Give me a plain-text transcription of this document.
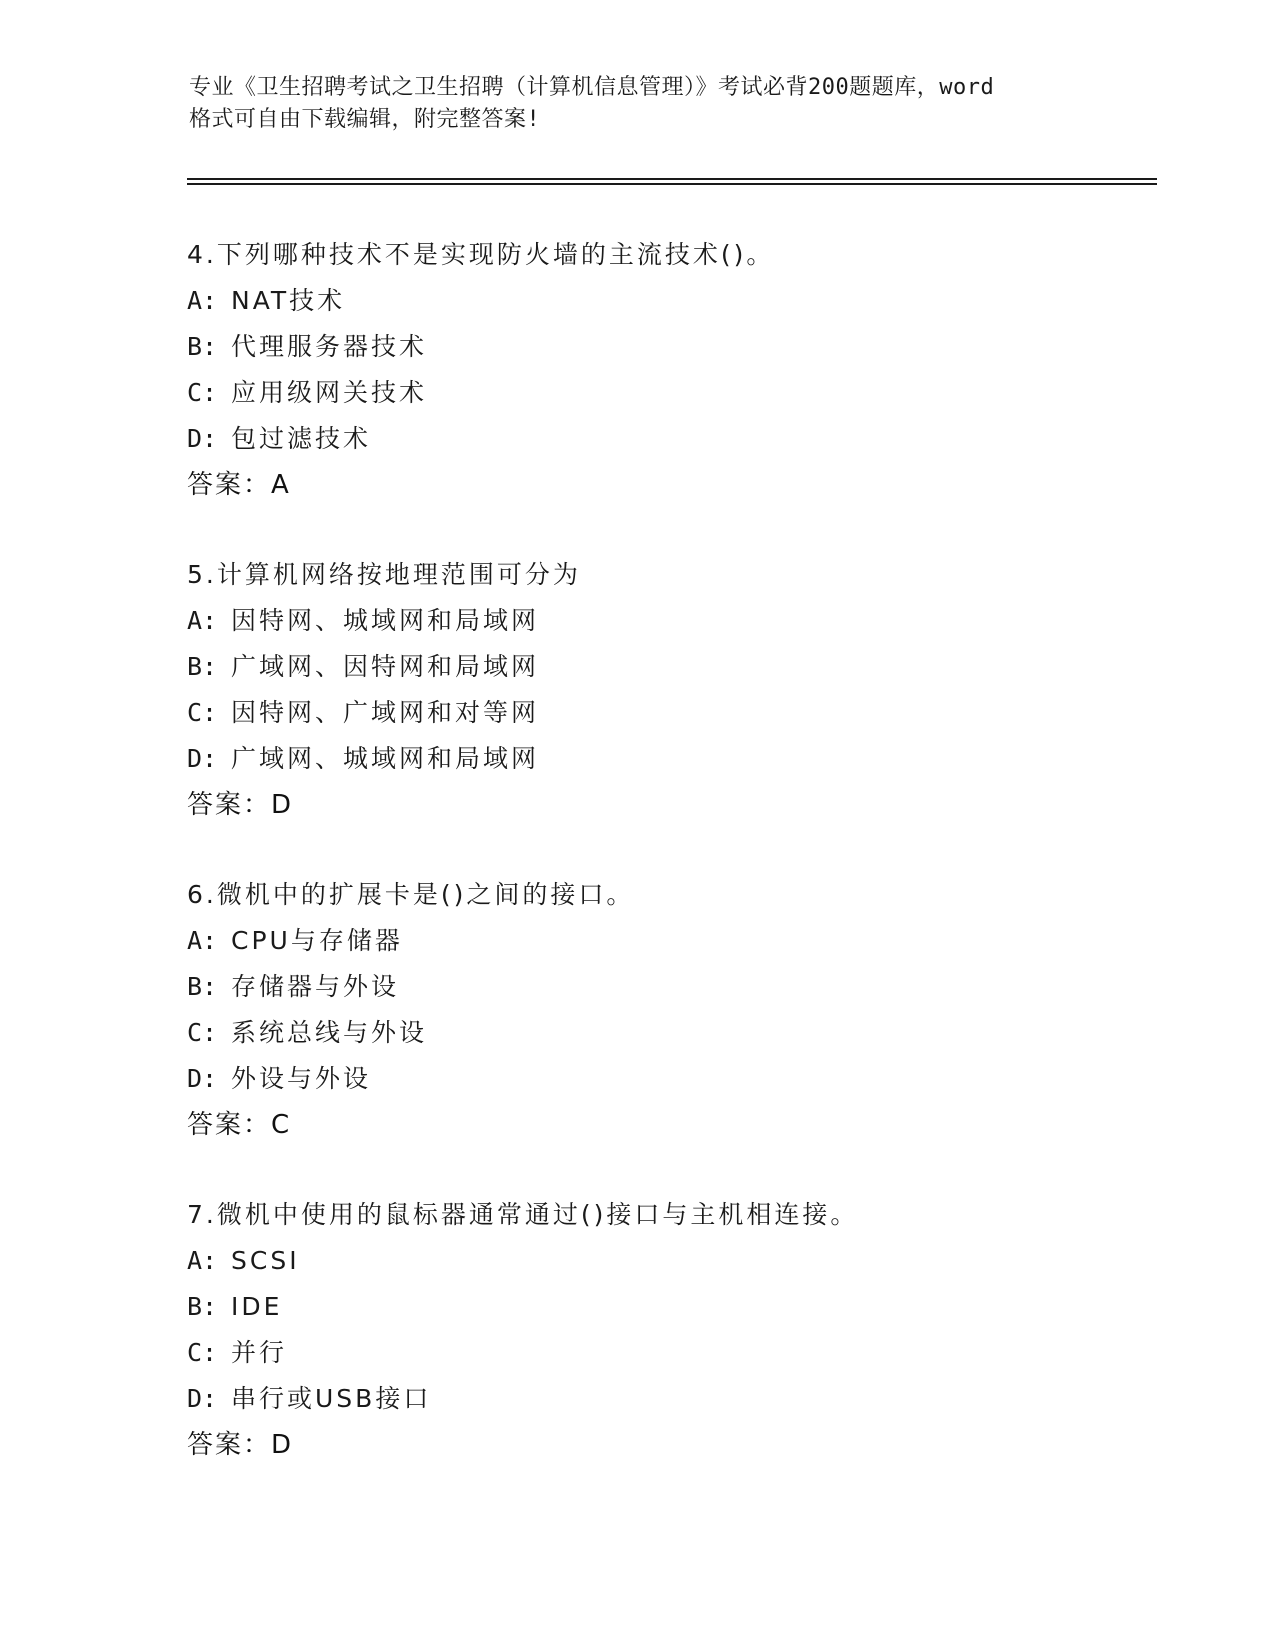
专业《卫生招聘考试之卫生招聘（计算机信息管理）》考试必背200题题库，word
格式可自由下载编辑，附完整答案!
4.下列哪种技术不是实现防火墙的主流技术()。
A: NAT技术
B: 代理服务器技术
C: 应用级网关技术
D: 包过滤技术
答案：A
5.计算机网络按地理范围可分为
A: 因特网、城域网和局域网
B: 广域网、因特网和局域网
C: 因特网、广域网和对等网
D: 广域网、城域网和局域网
答案：D
6.微机中的扩展卡是()之间的接口。
A: CPU与存储器
B: 存储器与外设
C: 系统总线与外设
D: 外设与外设
答案：C
7.微机中使用的鼠标器通常通过()接口与主机相连接。
A: SCSI
B: IDE
C: 并行
D: 串行或USB接口
答案：D
